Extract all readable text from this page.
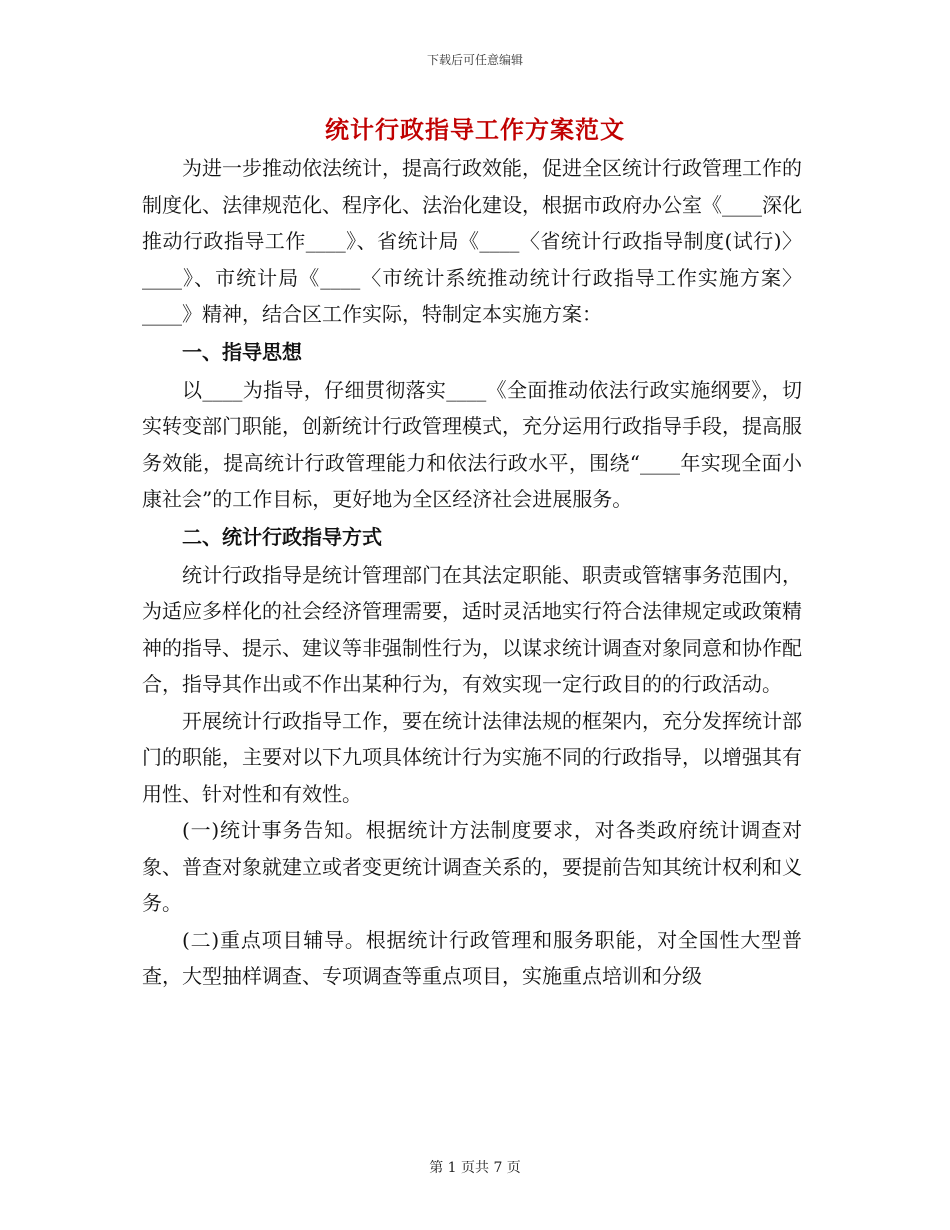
下载后可任意编辑
统计行政指导工作方案范文

为进一步推动依法统计，提高行政效能，促进全区统计行政管理工作的制度化、法律规范化、程序化、法治化建设，根据市政府办公室《____深化推动行政指导工作____》、省统计局《____〈省统计行政指导制度(试行)〉____》、市统计局《____〈市统计系统推动统计行政指导工作实施方案〉____》精神，结合区工作实际，特制定本实施方案：

一、指导思想

以____为指导，仔细贯彻落实____《全面推动依法行政实施纲要》，切实转变部门职能，创新统计行政管理模式，充分运用行政指导手段，提高服务效能，提高统计行政管理能力和依法行政水平，围绕“____年实现全面小康社会”的工作目标，更好地为全区经济社会进展服务。

二、统计行政指导方式

统计行政指导是统计管理部门在其法定职能、职责或管辖事务范围内，为适应多样化的社会经济管理需要，适时灵活地实行符合法律规定或政策精神的指导、提示、建议等非强制性行为，以谋求统计调查对象同意和协作配合，指导其作出或不作出某种行为，有效实现一定行政目的的行政活动。

开展统计行政指导工作，要在统计法律法规的框架内，充分发挥统计部门的职能，主要对以下九项具体统计行为实施不同的行政指导，以增强其有用性、针对性和有效性。

(一)统计事务告知。根据统计方法制度要求，对各类政府统计调查对象、普查对象就建立或者变更统计调查关系的，要提前告知其统计权利和义务。

(二)重点项目辅导。根据统计行政管理和服务职能，对全国性大型普查，大型抽样调查、专项调查等重点项目，实施重点培训和分级

第 1 页共 7 页
